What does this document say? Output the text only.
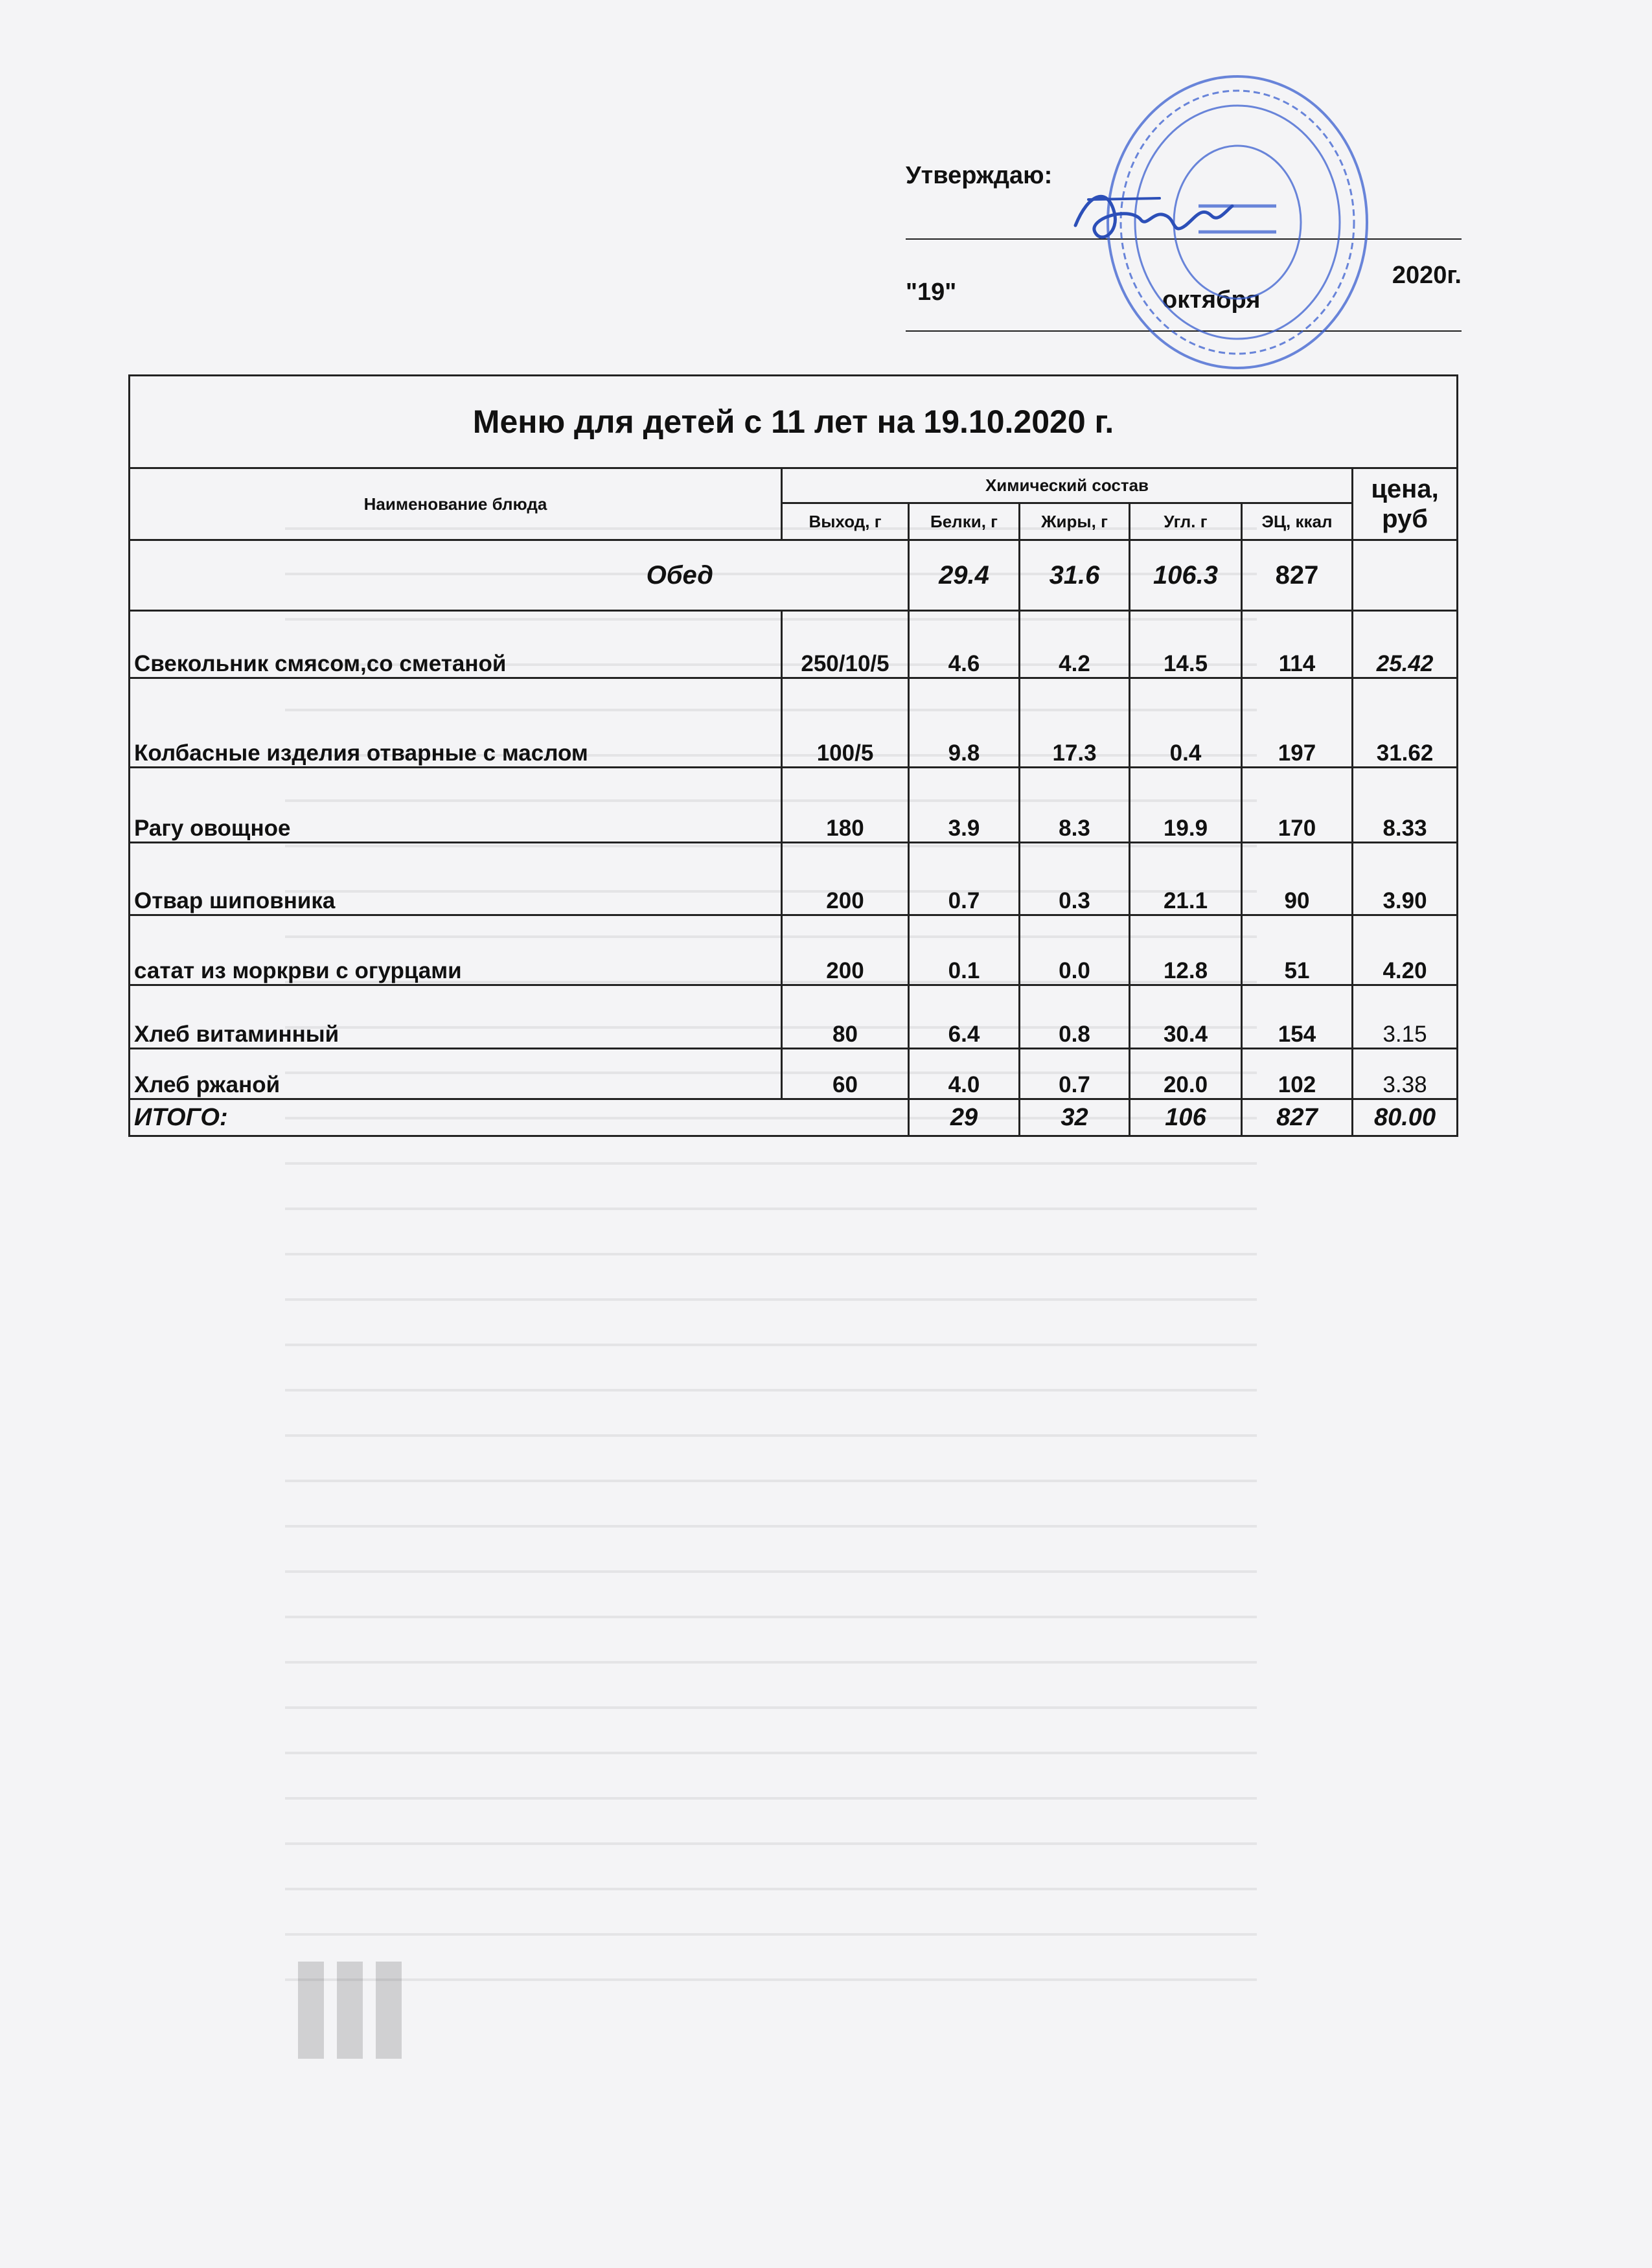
Утверждаю:
"19"	октября
2020г.
Меню для детей с 11 лет на 19.10.2020 г.						
Наименование блюда	Химический состав					цена, руб
	Выход, г	Белки, г	Жиры, г	Угл. г	ЭЦ, ккал	
Обед		29.4	31.6	106.3	827	
Свекольник смясом,со сметаной	250/10/5	4.6	4.2	14.5	114	25.42
Колбасные изделия отварные с маслом	100/5	9.8	17.3	0.4	197	31.62
Рагу овощное	180	3.9	8.3	19.9	170	8.33
Отвар шиповника	200	0.7	0.3	21.1	90	3.90
сатат из моркрви с огурцами	200	0.1	0.0	12.8	51	4.20
Хлеб витаминный	80	6.4	0.8	30.4	154	3.15
Хлеб ржаной	60	4.0	0.7	20.0	102	3.38
ИТОГО:		29	32	106	827	80.00
